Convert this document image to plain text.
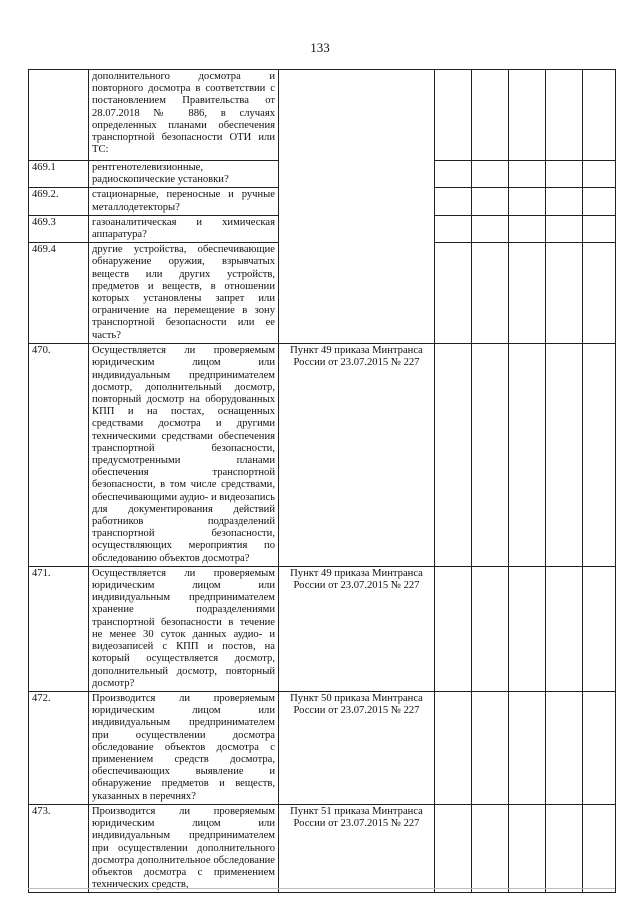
133
	дополнительного досмотра и повторного досмотра в соответствии с постановлением Правительства от 28.07.2018 № 886, в случаях определенных планами обеспечения транспортной безопасности ОТИ или ТС:						
469.1	рентгенотелевизионные, радиоскопические установки?						
469.2.	стационарные, переносные и ручные металлодетекторы?						
469.3	газоаналитическая и химическая аппаратура?						
469.4	другие устройства, обеспечивающие обнаружение оружия, взрывчатых веществ или других устройств, предметов и веществ, в отношении которых установлены запрет или ограничение на перемещение в зону транспортной безопасности или ее часть?						
470.	Осуществляется ли проверяемым юридическим лицом или индивидуальным предпринимателем досмотр, дополнительный досмотр, повторный досмотр на оборудованных КПП и на постах, оснащенных средствами досмотра и другими техническими средствами обеспечения транспортной безопасности, предусмотренными планами обеспечения транспортной безопасности, в том числе средствами, обеспечивающими аудио- и видеозапись для документирования действий работников подразделений транспортной безопасности, осуществляющих мероприятия по обследованию объектов досмотра?	Пункт 49 приказа Минтранса России от 23.07.2015 № 227					
471.	Осуществляется ли проверяемым юридическим лицом или индивидуальным предпринимателем хранение подразделениями транспортной безопасности в течение не менее 30 суток данных аудио- и видеозаписей с КПП и постов, на который осуществляется досмотр, дополнительный досмотр, повторный досмотр?	Пункт 49 приказа Минтранса России от 23.07.2015 № 227					
472.	Производится ли проверяемым юридическим лицом или индивидуальным предпринимателем при осуществлении досмотра обследование объектов досмотра с применением средств досмотра, обеспечивающих выявление и обнаружение предметов и веществ, указанных в перечнях?	Пункт 50 приказа Минтранса России от 23.07.2015 № 227					
473.	Производится ли проверяемым юридическим лицом или индивидуальным предпринимателем при осуществлении дополнительного досмотра дополнительное обследование объектов досмотра с применением технических средств,	Пункт 51 приказа Минтранса России от 23.07.2015 № 227					
